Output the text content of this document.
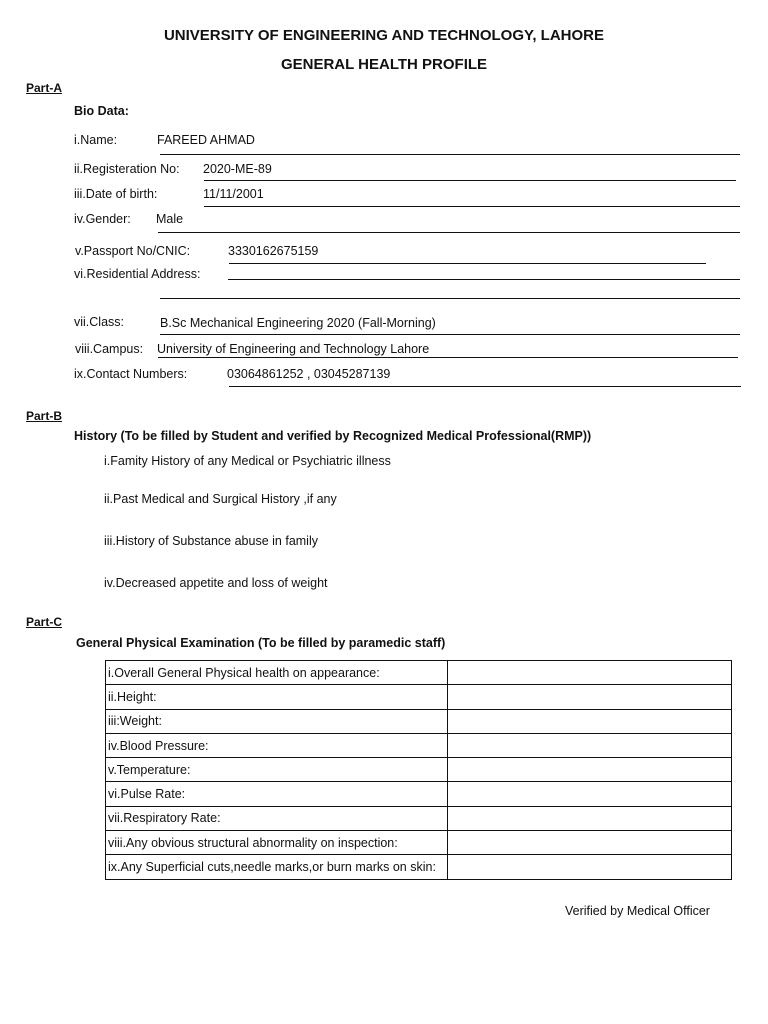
UNIVERSITY OF ENGINEERING AND TECHNOLOGY, LAHORE
GENERAL HEALTH PROFILE
Part-A
Bio Data:
i.Name:	FAREED AHMAD
ii.Registeration No: 2020-ME-89
iii.Date of birth:	11/11/2001
iv.Gender: Male
v.Passport No/CNIC:	3330162675159
vi.Residential Address:
vii.Class:	B.Sc Mechanical Engineering 2020 (Fall-Morning)
viii.Campus: University of Engineering and Technology Lahore
ix.Contact Numbers:	03064861252 , 03045287139
Part-B
History (To be filled by Student and verified by Recognized Medical Professional(RMP))
i.Famity History of any Medical or Psychiatric illness
ii.Past Medical and Surgical History ,if any
iii.History of Substance abuse in family
iv.Decreased appetite and loss of weight
Part-C
General Physical Examination (To be filled by paramedic staff)
i.Overall General Physical health on appearance:	
ii.Height:	
iii:Weight:	
iv.Blood Pressure:	
v.Temperature:	
vi.Pulse Rate:	
vii.Respiratory Rate:	
viii.Any obvious structural abnormality on inspection:	
ix.Any Superficial cuts,needle marks,or burn marks on skin:	
Verified by Medical Officer
